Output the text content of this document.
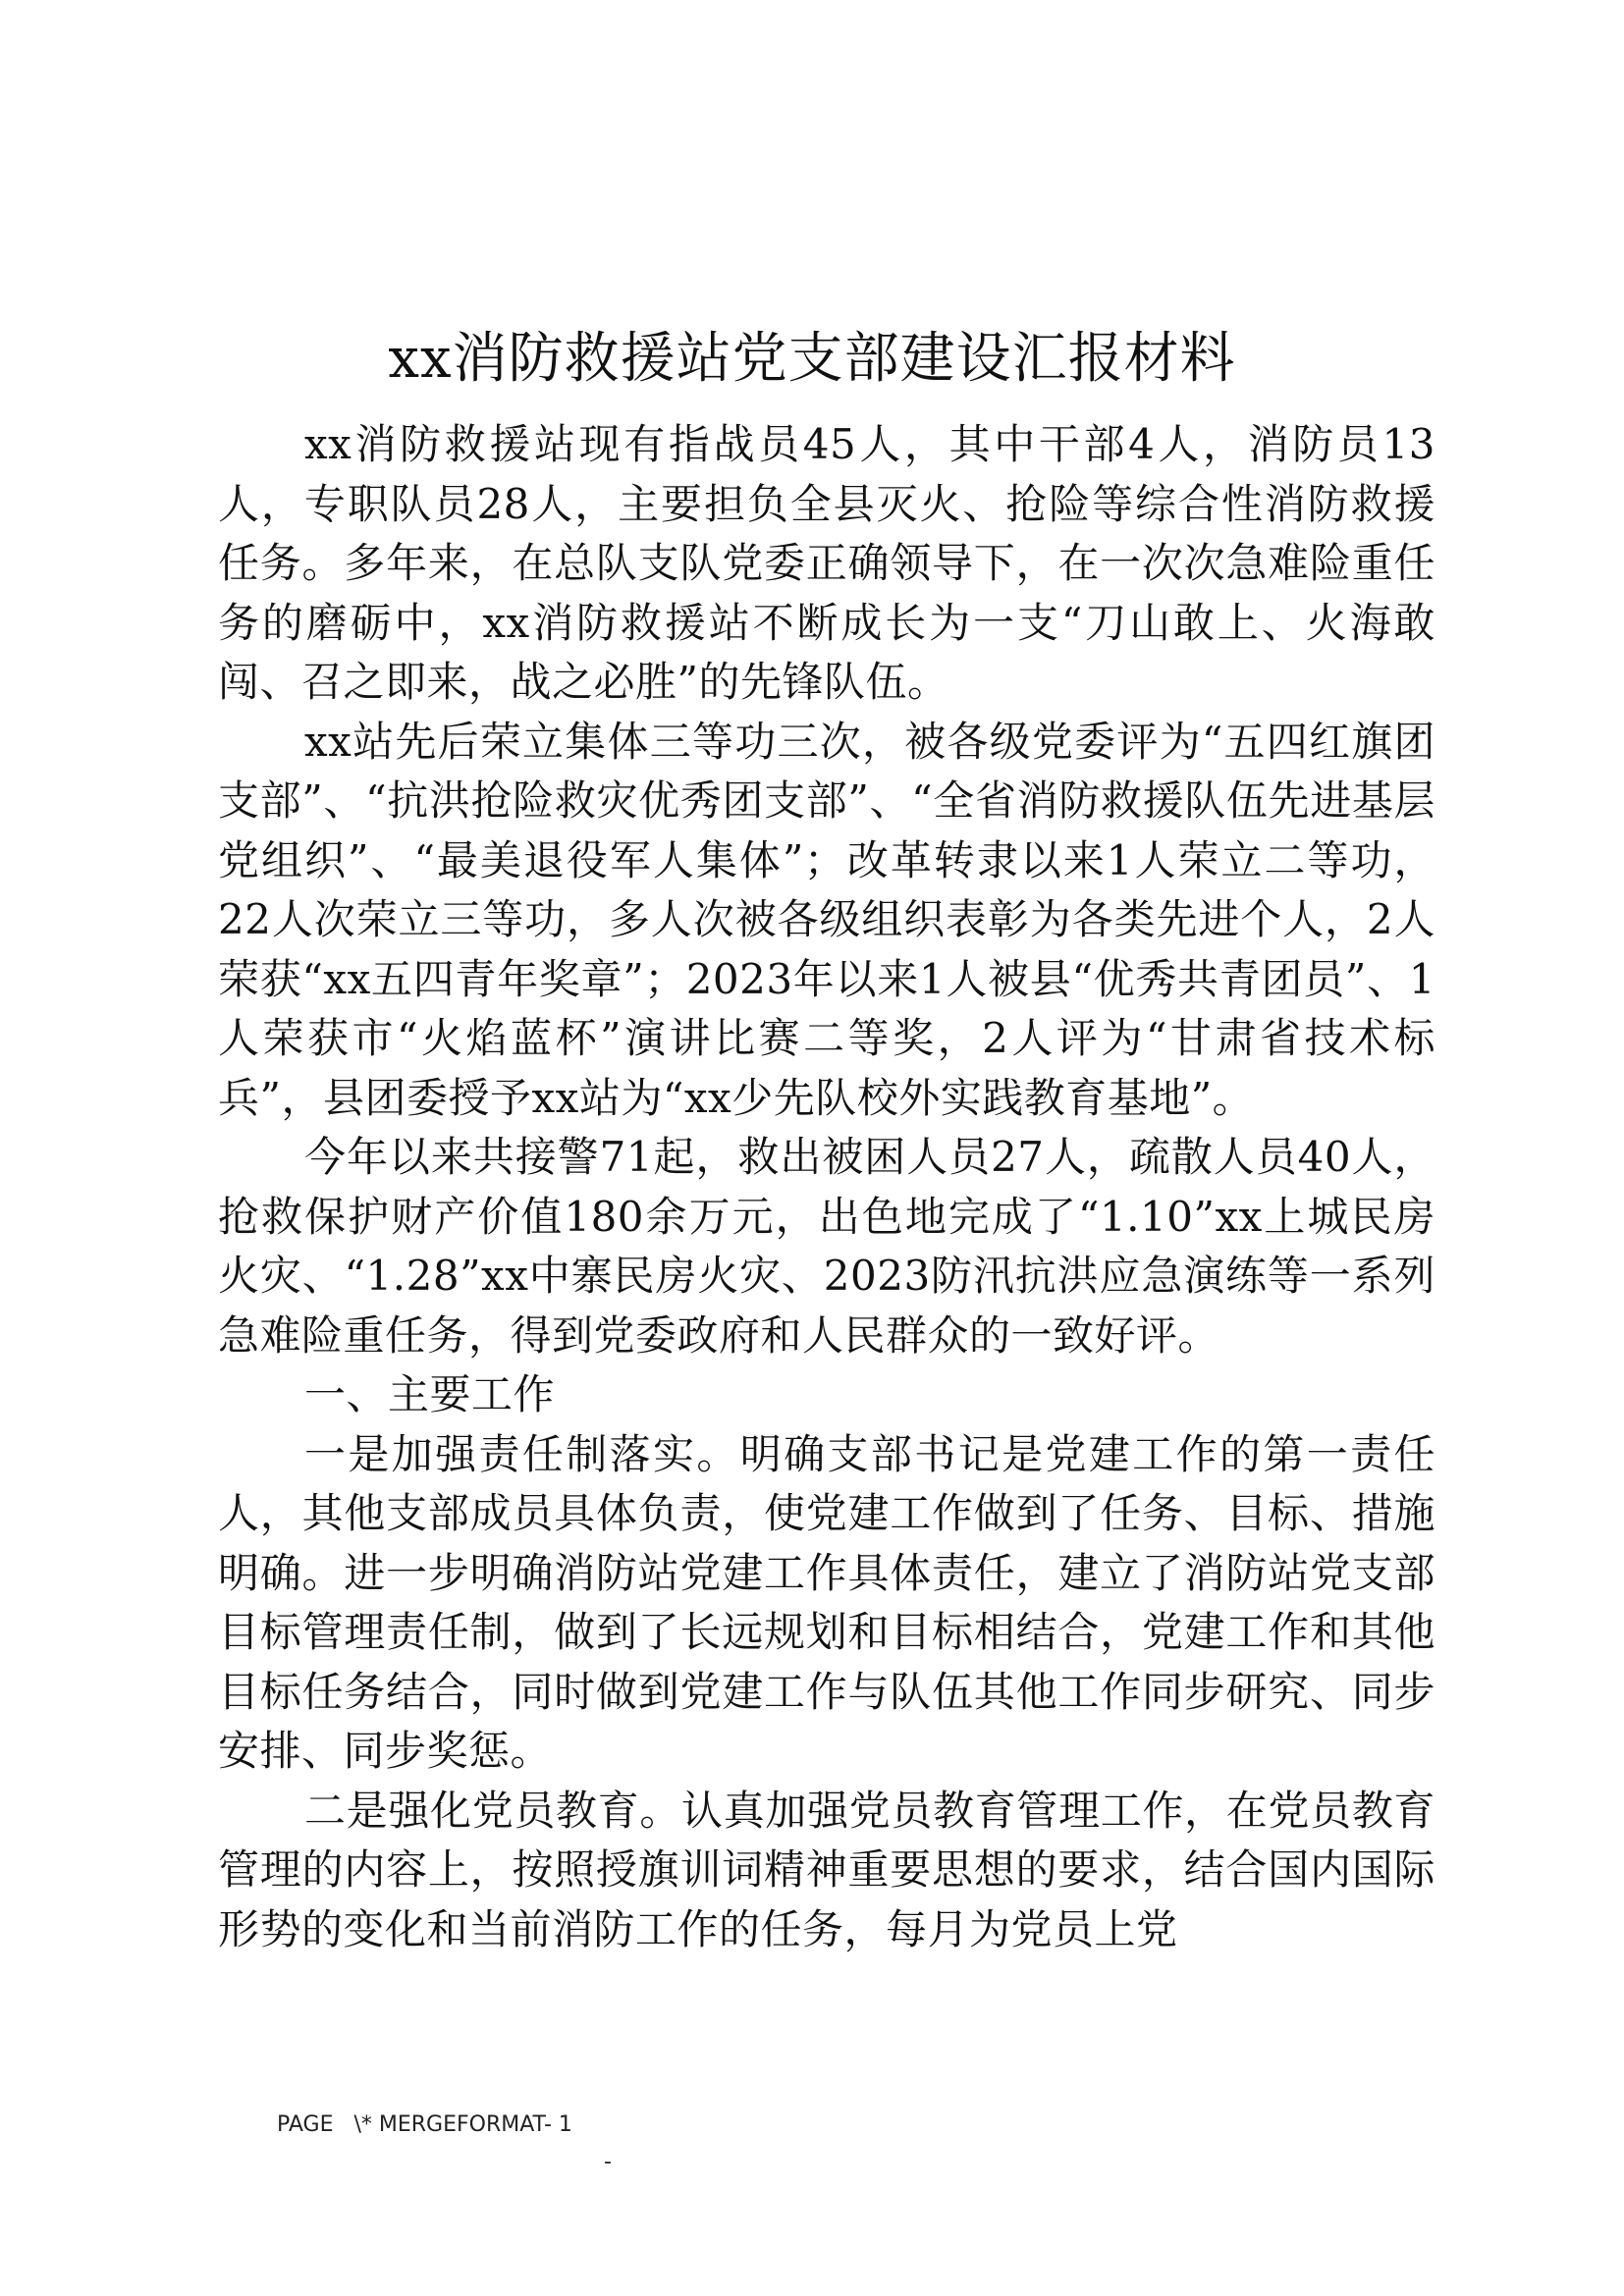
xx消防救援站党支部建设汇报材料

xx消防救援站现有指战员45人，其中干部4人，消防员13人，专职队员28人，主要担负全县灭火、抢险等综合性消防救援任务。多年来，在总队支队党委正确领导下，在一次次急难险重任务的磨砺中，xx消防救援站不断成长为一支“刀山敢上、火海敢闯、召之即来，战之必胜”的先锋队伍。

xx站先后荣立集体三等功三次，被各级党委评为“五四红旗团支部”、“抗洪抢险救灾优秀团支部”、“全省消防救援队伍先进基层党组织”、“最美退役军人集体”；改革转隶以来1人荣立二等功，22人次荣立三等功，多人次被各级组织表彰为各类先进个人，2人荣获“xx五四青年奖章”；2023年以来1人被县“优秀共青团员”、1人荣获市“火焰蓝杯”演讲比赛二等奖，2人评为“甘肃省技术标兵”，县团委授予xx站为“xx少先队校外实践教育基地”。

今年以来共接警71起，救出被困人员27人，疏散人员40人，抢救保护财产价值180余万元，出色地完成了“1.10”xx上城民房火灾、“1.28”xx中寨民房火灾、2023防汛抗洪应急演练等一系列急难险重任务，得到党委政府和人民群众的一致好评。

一、主要工作

一是加强责任制落实。明确支部书记是党建工作的第一责任人，其他支部成员具体负责，使党建工作做到了任务、目标、措施明确。进一步明确消防站党建工作具体责任，建立了消防站党支部目标管理责任制，做到了长远规划和目标相结合，党建工作和其他目标任务结合，同时做到党建工作与队伍其他工作同步研究、同步安排、同步奖惩。

二是强化党员教育。认真加强党员教育管理工作，在党员教育管理的内容上，按照授旗训词精神重要思想的要求，结合国内国际形势的变化和当前消防工作的任务，每月为党员上党

PAGE   \* MERGEFORMAT- 1
-
